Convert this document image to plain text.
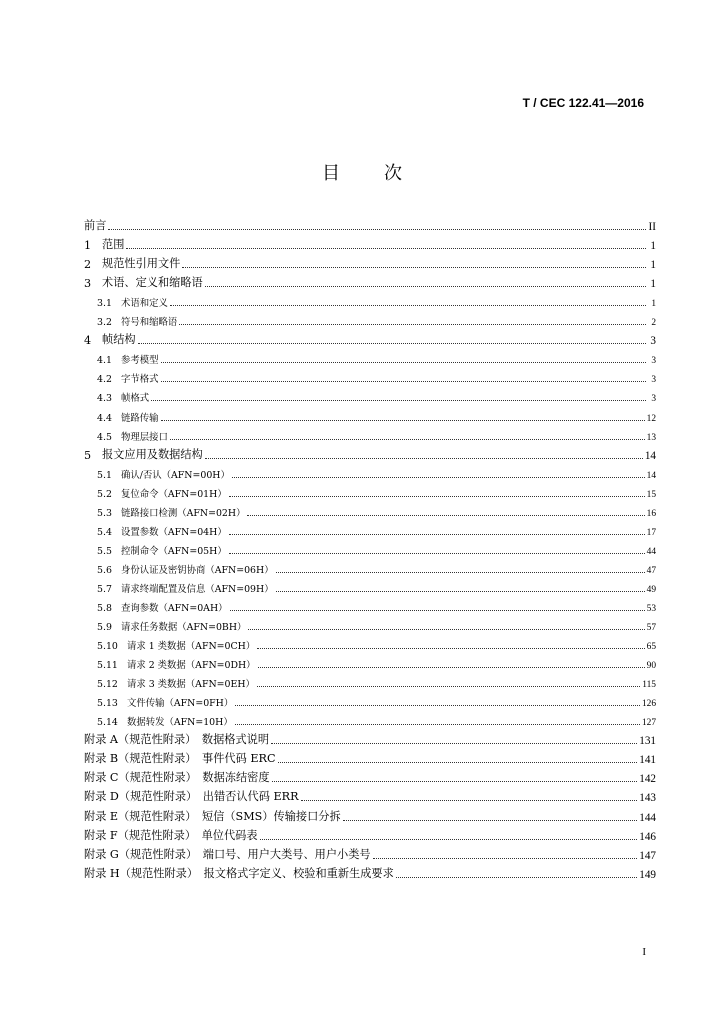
T / CEC 122.41—2016
目 次
前言	II
1 范围	1
2 规范性引用文件	1
3 术语、定义和缩略语	1
3.1 术语和定义	1
3.2 符号和缩略语	2
4 帧结构	3
4.1 参考模型	3
4.2 字节格式	3
4.3 帧格式	3
4.4 链路传输	12
4.5 物理层接口	13
5 报文应用及数据结构	14
5.1 确认/否认（AFN=00H）	14
5.2 复位命令（AFN=01H）	15
5.3 链路接口检测（AFN=02H）	16
5.4 设置参数（AFN=04H）	17
5.5 控制命令（AFN=05H）	44
5.6 身份认证及密钥协商（AFN=06H）	47
5.7 请求终端配置及信息（AFN=09H）	49
5.8 查询参数（AFN=0AH）	53
5.9 请求任务数据（AFN=0BH）	57
5.10 请求 1 类数据（AFN=0CH）	65
5.11 请求 2 类数据（AFN=0DH）	90
5.12 请求 3 类数据（AFN=0EH）	115
5.13 文件传输（AFN=0FH）	126
5.14 数据转发（AFN=10H）	127
附录 A（规范性附录）　数据格式说明	131
附录 B（规范性附录）　事件代码 ERC	141
附录 C（规范性附录）　数据冻结密度	142
附录 D（规范性附录）　出错否认代码 ERR	143
附录 E（规范性附录）　短信（SMS）传输接口分拆	144
附录 F（规范性附录）　单位代码表	146
附录 G（规范性附录）　端口号、用户大类号、用户小类号	147
附录 H（规范性附录）　报文格式字定义、校验和重新生成要求	149
I
